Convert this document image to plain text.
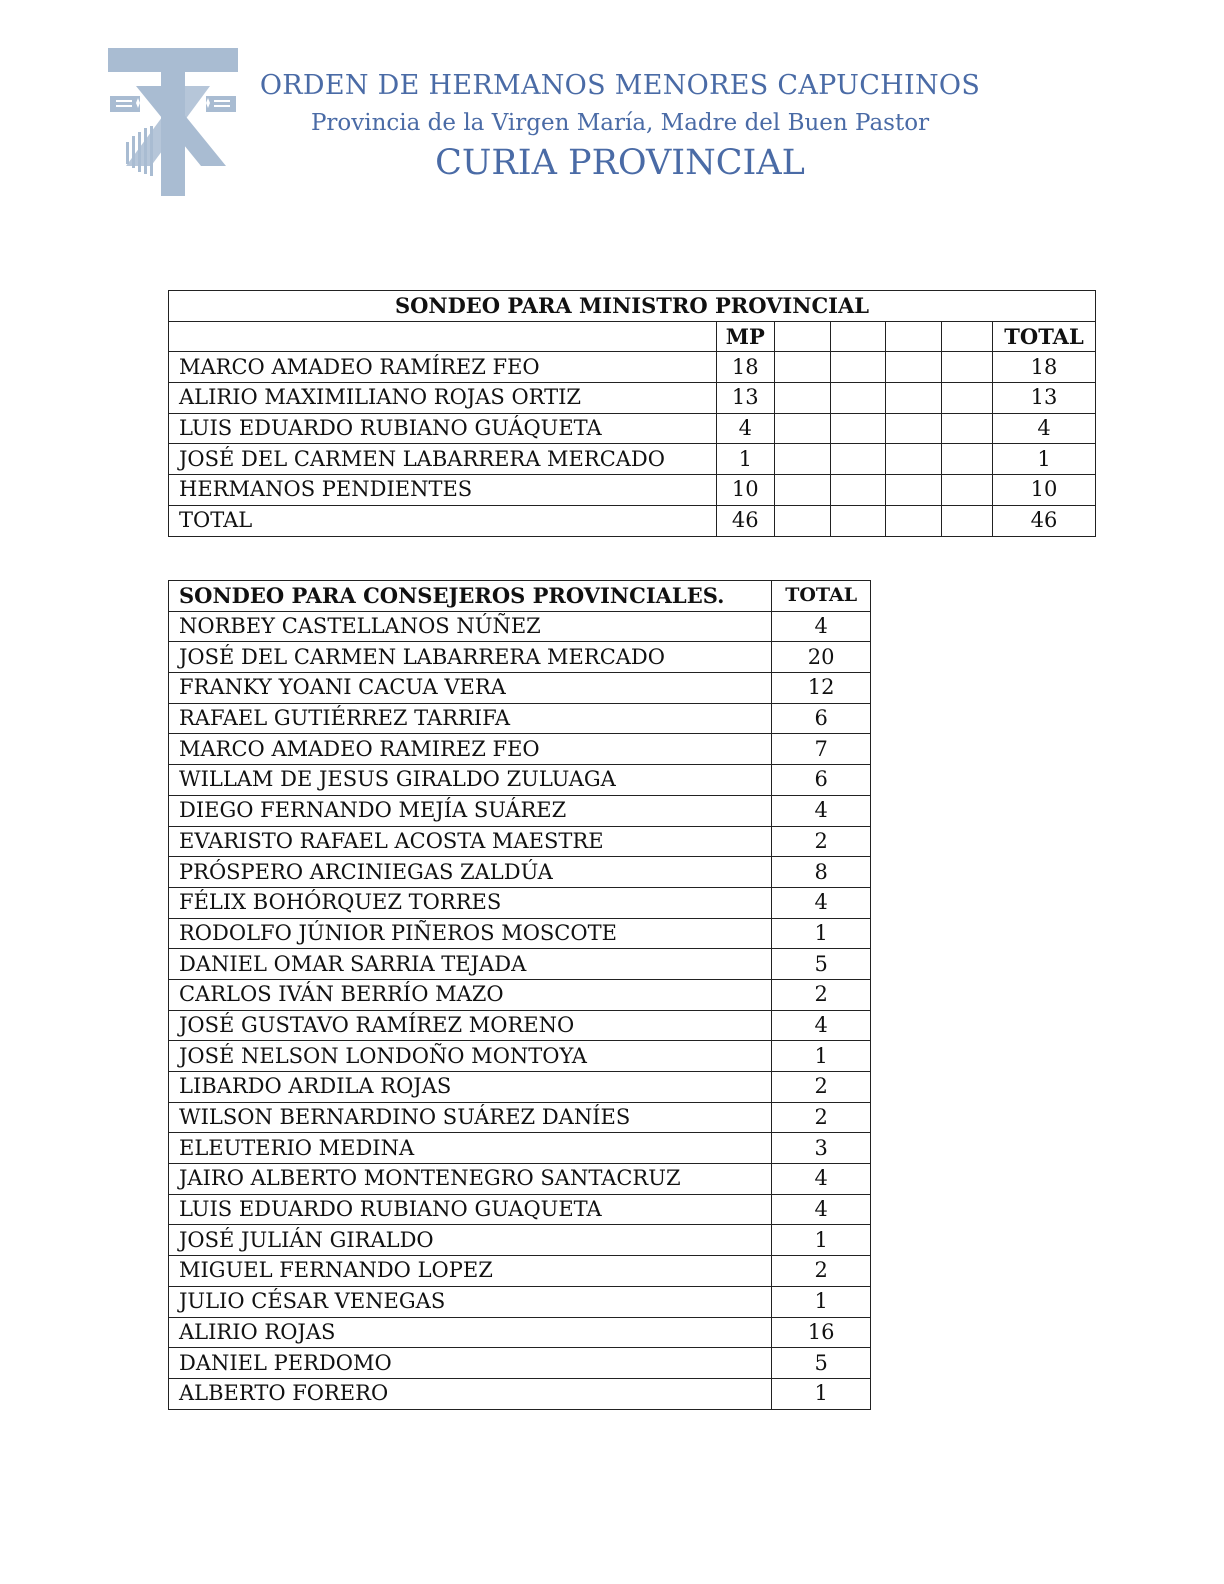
ORDEN DE HERMANOS MENORES CAPUCHINOS
Provincia de la Virgen María, Madre del Buen Pastor
CURIA PROVINCIAL
SONDEO PARA MINISTRO PROVINCIAL						
	MP					TOTAL
MARCO AMADEO RAMÍREZ FEO	18					18
ALIRIO MAXIMILIANO ROJAS ORTIZ	13					13
LUIS EDUARDO RUBIANO GUÁQUETA	4					4
JOSÉ DEL CARMEN LABARRERA MERCADO	1					1
HERMANOS PENDIENTES	10					10
TOTAL	46					46
SONDEO PARA CONSEJEROS PROVINCIALES.	TOTAL
NORBEY CASTELLANOS NÚÑEZ	4
JOSÉ DEL CARMEN LABARRERA MERCADO	20
FRANKY YOANI CACUA VERA	12
RAFAEL GUTIÉRREZ TARRIFA	6
MARCO AMADEO RAMIREZ FEO	7
WILLAM DE JESUS GIRALDO ZULUAGA	6
DIEGO FERNANDO MEJÍA SUÁREZ	4
EVARISTO RAFAEL ACOSTA MAESTRE	2
PRÓSPERO ARCINIEGAS ZALDÚA	8
FÉLIX BOHÓRQUEZ TORRES	4
RODOLFO JÚNIOR PIÑEROS MOSCOTE	1
DANIEL OMAR SARRIA TEJADA	5
CARLOS IVÁN BERRÍO MAZO	2
JOSÉ GUSTAVO RAMÍREZ MORENO	4
JOSÉ NELSON LONDOÑO MONTOYA	1
LIBARDO ARDILA ROJAS	2
WILSON BERNARDINO SUÁREZ DANÍES	2
ELEUTERIO MEDINA	3
JAIRO ALBERTO MONTENEGRO SANTACRUZ	4
LUIS EDUARDO RUBIANO GUAQUETA	4
JOSÉ JULIÁN GIRALDO	1
MIGUEL FERNANDO LOPEZ	2
JULIO CÉSAR VENEGAS	1
ALIRIO ROJAS	16
DANIEL PERDOMO	5
ALBERTO FORERO	1
